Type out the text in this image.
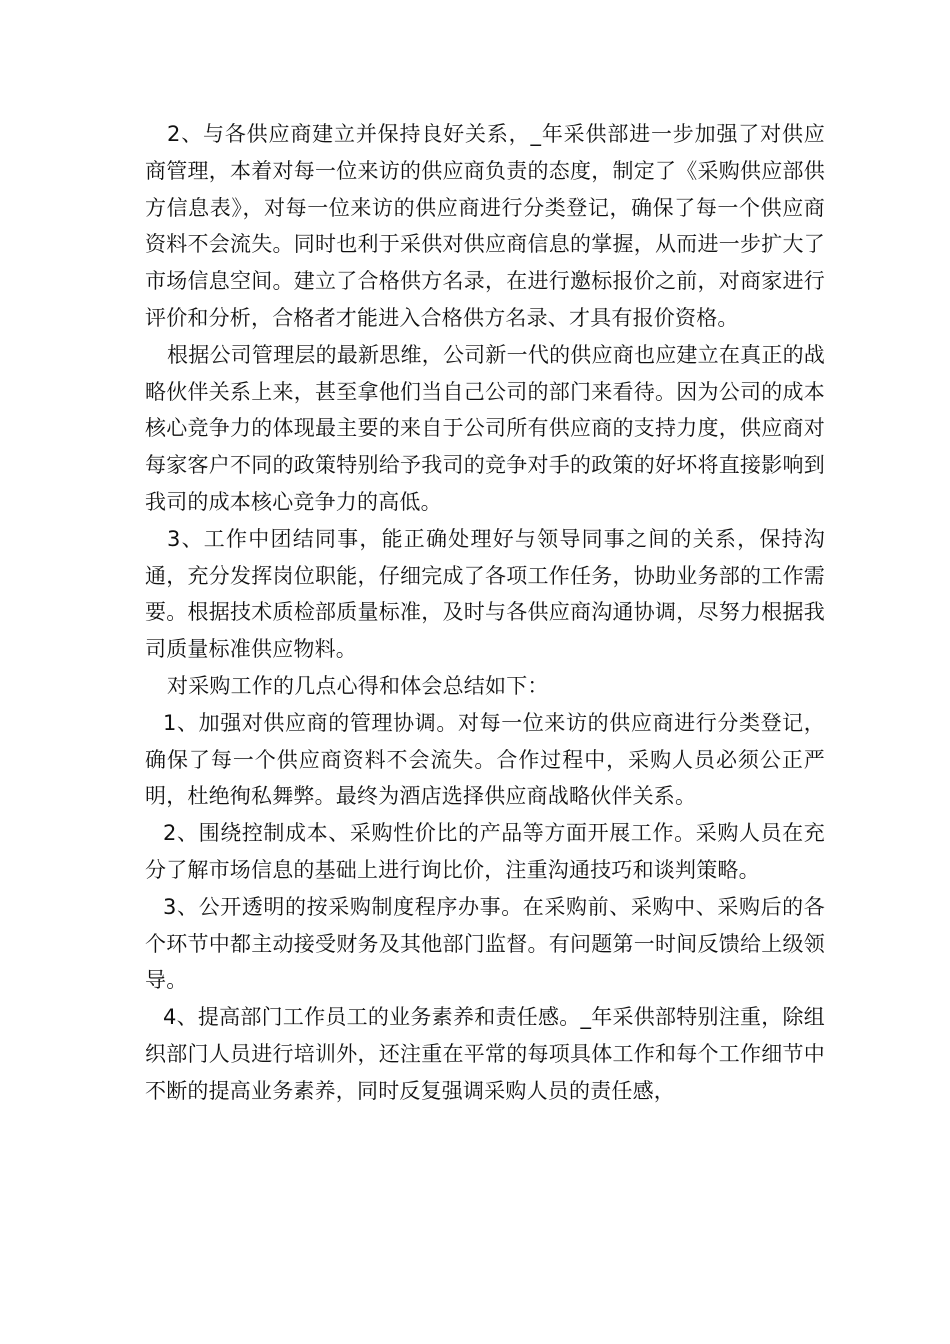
2、与各供应商建立并保持良好关系，_年采供部进一步加强了对供应商管理，本着对每一位来访的供应商负责的态度，制定了《采购供应部供方信息表》，对每一位来访的供应商进行分类登记，确保了每一个供应商资料不会流失。同时也利于采供对供应商信息的掌握，从而进一步扩大了市场信息空间。建立了合格供方名录，在进行邀标报价之前，对商家进行评价和分析，合格者才能进入合格供方名录、才具有报价资格。

根据公司管理层的最新思维，公司新一代的供应商也应建立在真正的战略伙伴关系上来，甚至拿他们当自己公司的部门来看待。因为公司的成本核心竞争力的体现最主要的来自于公司所有供应商的支持力度，供应商对每家客户不同的政策特别给予我司的竞争对手的政策的好坏将直接影响到我司的成本核心竞争力的高低。

3、工作中团结同事，能正确处理好与领导同事之间的关系，保持沟通，充分发挥岗位职能，仔细完成了各项工作任务，协助业务部的工作需要。根据技术质检部质量标准，及时与各供应商沟通协调，尽努力根据我司质量标准供应物料。

对采购工作的几点心得和体会总结如下：

1、加强对供应商的管理协调。对每一位来访的供应商进行分类登记，确保了每一个供应商资料不会流失。合作过程中，采购人员必须公正严明，杜绝徇私舞弊。最终为酒店选择供应商战略伙伴关系。

2、围绕控制成本、采购性价比的产品等方面开展工作。采购人员在充分了解市场信息的基础上进行询比价，注重沟通技巧和谈判策略。

3、公开透明的按采购制度程序办事。在采购前、采购中、采购后的各个环节中都主动接受财务及其他部门监督。有问题第一时间反馈给上级领导。

4、提高部门工作员工的业务素养和责任感。_年采供部特别注重，除组织部门人员进行培训外，还注重在平常的每项具体工作和每个工作细节中不断的提高业务素养，同时反复强调采购人员的责任感，
